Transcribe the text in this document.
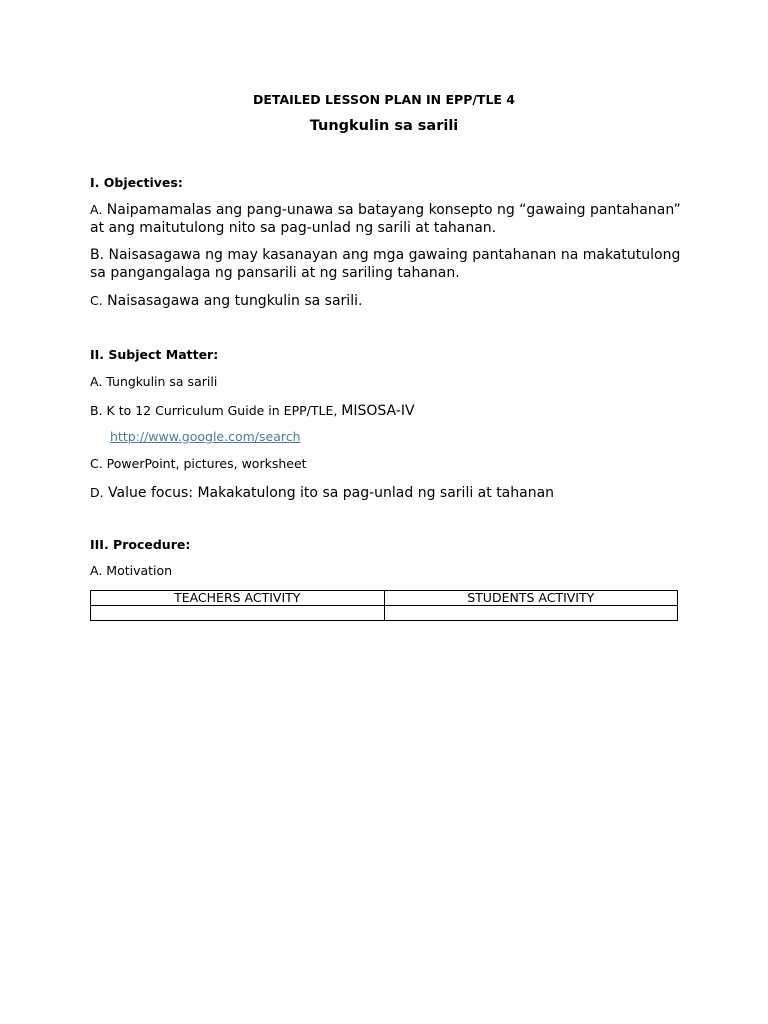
DETAILED LESSON PLAN IN EPP/TLE 4
Tungkulin sa sarili
I. Objectives:
A. Naipamamalas ang pang-unawa sa batayang konsepto ng “gawaing pantahanan” at ang maitutulong nito sa pag-unlad ng sarili at tahanan.
B. Naisasagawa ng may kasanayan ang mga gawaing pantahanan na makatutulong sa pangangalaga ng pansarili at ng sariling tahanan.
C. Naisasagawa ang tungkulin sa sarili.
II. Subject Matter:
A. Tungkulin sa sarili
B. K to 12 Curriculum Guide in EPP/TLE, MISOSA-IV
http://www.google.com/search
C. PowerPoint, pictures, worksheet
D. Value focus: Makakatulong ito sa pag-unlad ng sarili at tahanan
III. Procedure:
A. Motivation
TEACHERS ACTIVITY	STUDENTS ACTIVITY
